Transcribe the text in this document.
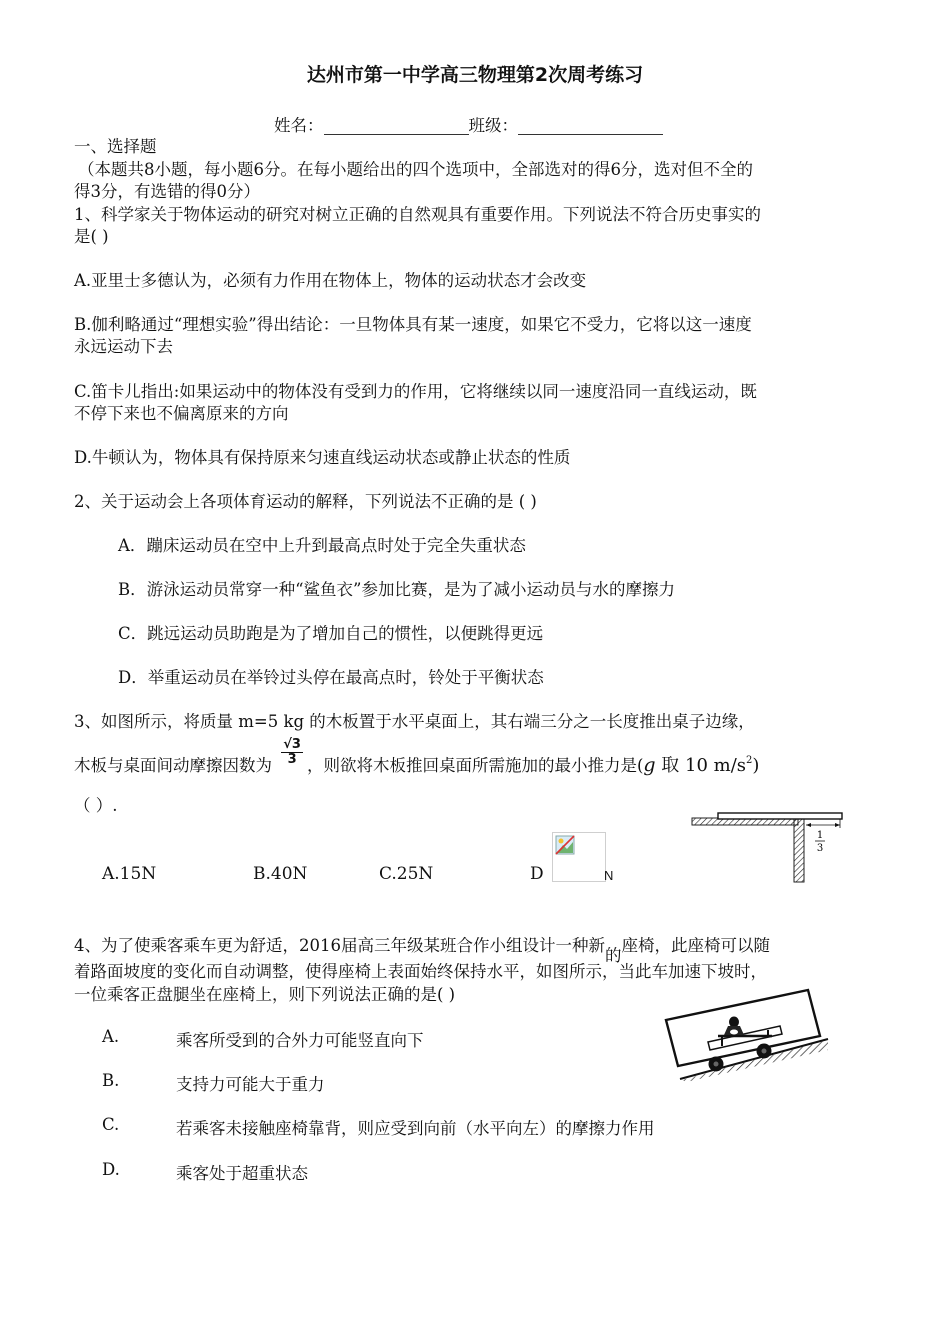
达州市第一中学高三物理第2次周考练习
姓名：	班级：
一、选择题
（本题共8小题，每小题6分。在每小题给出的四个选项中，全部选对的得6分，选对但不全的
得3分，有选错的得0分）
1、科学家关于物体运动的研究对树立正确的自然观具有重要作用。下列说法不符合历史事实的
是( )
A.亚里士多德认为，必须有力作用在物体上，物体的运动状态才会改变
B.伽利略通过“理想实验”得出结论：一旦物体具有某一速度，如果它不受力，它将以这一速度
永远运动下去
C.笛卡儿指出:如果运动中的物体没有受到力的作用，它将继续以同一速度沿同一直线运动，既
不停下来也不偏离原来的方向
D.牛顿认为，物体具有保持原来匀速直线运动状态或静止状态的性质
2、关于运动会上各项体育运动的解释，下列说法不正确的是 ( )
A．蹦床运动员在空中上升到最高点时处于完全失重状态
B．游泳运动员常穿一种“鲨鱼衣”参加比赛，是为了减小运动员与水的摩擦力
C．跳远运动员助跑是为了增加自己的惯性，以便跳得更远
D．举重运动员在举铃过头停在最高点时，铃处于平衡状态
3、如图所示，将质量 m=5 kg 的木板置于水平桌面上，其右端三分之一长度推出桌子边缘，
木板与桌面间动摩擦因数为 $\frac{√3}{3}$ ，则欲将木板推回桌面所需施加的最小推力是(g 取 10 $m/s^2$)
（ ）.
A.15N	B.40N	C.25N	D	N
1
3
4、为了使乘客乘车更为舒适，2016届高三年级某班合作小组设计一种新的座椅，此座椅可以随
着路面坡度的变化而自动调整，使得座椅上表面始终保持水平，如图所示，当此车加速下坡时，
一位乘客正盘腿坐在座椅上，则下列说法正确的是( )
A.	乘客所受到的合外力可能竖直向下
B.	支持力可能大于重力
C.	若乘客未接触座椅靠背，则应受到向前（水平向左）的摩擦力作用
D.	乘客处于超重状态
